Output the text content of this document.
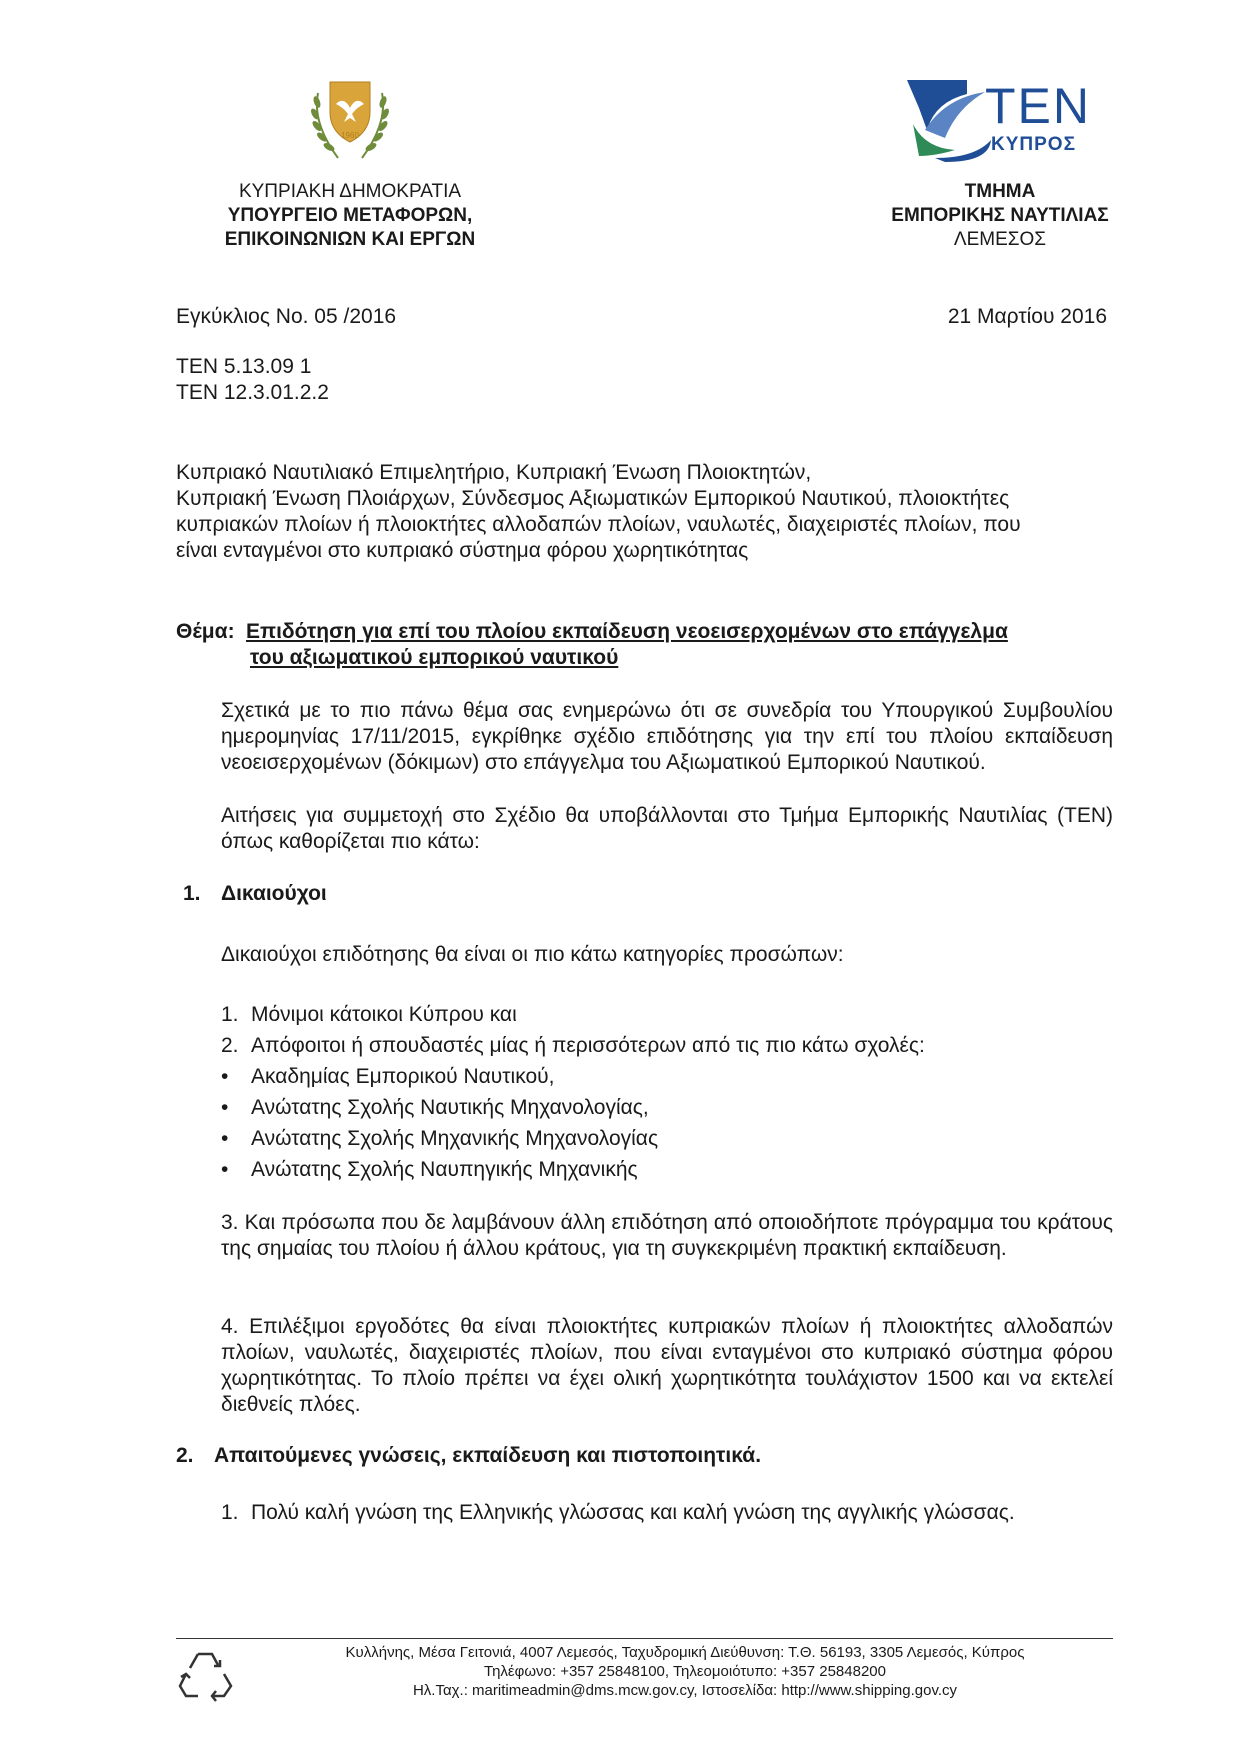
1960
ΚΥΠΡΙΑΚΗ ΔΗΜΟΚΡΑΤΙΑ
ΥΠΟΥΡΓΕΙΟ ΜΕΤΑΦΟΡΩΝ,
ΕΠΙΚΟΙΝΩΝΙΩΝ ΚΑΙ ΕΡΓΩΝ
TEN
ΚΥΠΡΟΣ
ΤΜΗΜΑ
ΕΜΠΟΡΙΚΗΣ ΝΑΥΤΙΛΙΑΣ
ΛΕΜΕΣΟΣ
Εγκύκλιος No. 05 /2016	21 Μαρτίου 2016
TEN 5.13.09 1
TEN 12.3.01.2.2
Κυπριακό Ναυτιλιακό Επιμελητήριο, Κυπριακή Ένωση Πλοιοκτητών,
Κυπριακή Ένωση Πλοιάρχων, Σύνδεσμος Αξιωματικών Εμπορικού Ναυτικού, πλοιοκτήτες
κυπριακών πλοίων ή πλοιοκτήτες αλλοδαπών πλοίων, ναυλωτές, διαχειριστές πλοίων, που
είναι ενταγμένοι στο κυπριακό σύστημα φόρου χωρητικότητας
Θέμα: Επιδότηση για επί του πλοίου εκπαίδευση νεοεισερχομένων στο επάγγελμα
του αξιωματικού εμπορικού ναυτικού
Σχετικά με το πιο πάνω θέμα σας ενημερώνω ότι σε συνεδρία του Υπουργικού Συμβουλίου ημερομηνίας 17/11/2015, εγκρίθηκε σχέδιο επιδότησης για την επί του πλοίου εκπαίδευση νεοεισερχομένων (δόκιμων) στο επάγγελμα του Αξιωματικού Εμπορικού Ναυτικού.
Αιτήσεις για συμμετοχή στο Σχέδιο θα υποβάλλονται στο Τμήμα Εμπορικής Ναυτιλίας (ΤΕΝ) όπως καθορίζεται πιο κάτω:
1. Δικαιούχοι
Δικαιούχοι επιδότησης θα είναι οι πιο κάτω κατηγορίες προσώπων:
1. Μόνιμοι κάτοικοι Κύπρου και
2. Απόφοιτοι ή σπουδαστές μίας ή περισσότερων από τις πιο κάτω σχολές:
•	Ακαδημίας Εμπορικού Ναυτικού,
•	Ανώτατης Σχολής Ναυτικής Μηχανολογίας,
•	Ανώτατης Σχολής Μηχανικής Μηχανολογίας
•	Ανώτατης Σχολής Ναυπηγικής Μηχανικής
3. Και πρόσωπα που δε λαμβάνουν άλλη επιδότηση από οποιοδήποτε πρόγραμμα του κράτους της σημαίας του πλοίου ή άλλου κράτους, για τη συγκεκριμένη πρακτική εκπαίδευση.
4. Επιλέξιμοι εργοδότες θα είναι πλοιοκτήτες κυπριακών πλοίων ή πλοιοκτήτες αλλοδαπών πλοίων, ναυλωτές, διαχειριστές πλοίων, που είναι ενταγμένοι στο κυπριακό σύστημα φόρου χωρητικότητας. Το πλοίο πρέπει να έχει ολική χωρητικότητα τουλάχιστον 1500 και να εκτελεί διεθνείς πλόες.
2. Απαιτούμενες γνώσεις, εκπαίδευση και πιστοποιητικά.
1. Πολύ καλή γνώση της Ελληνικής γλώσσας και καλή γνώση της αγγλικής γλώσσας.
Κυλλήνης, Μέσα Γειτονιά, 4007 Λεμεσός, Ταχυδρομική Διεύθυνση: Τ.Θ. 56193, 3305 Λεμεσός, Κύπρος
Τηλέφωνο: +357 25848100, Τηλεομοιότυπο: +357 25848200
Ηλ.Ταχ.: maritimeadmin@dms.mcw.gov.cy, Ιστοσελίδα: http://www.shipping.gov.cy
